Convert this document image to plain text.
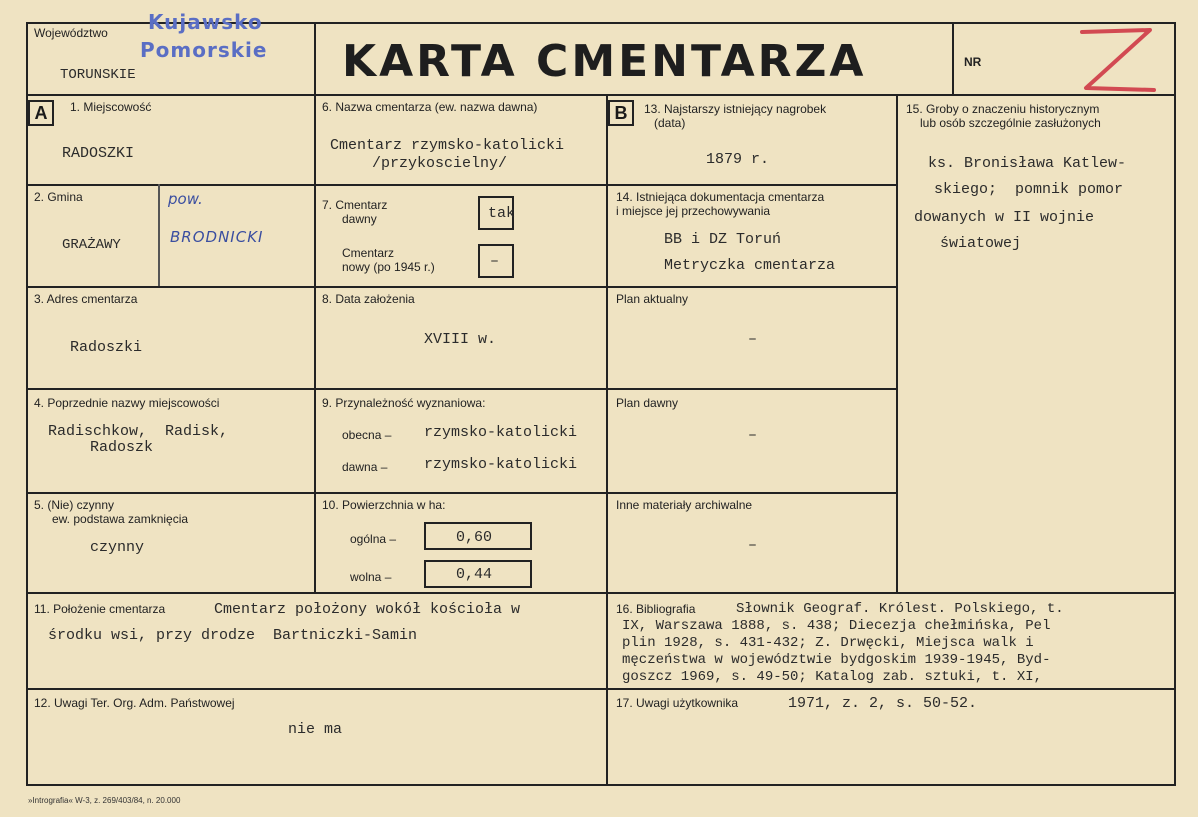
Województwo Kujawsko
Pomorskie
TORUNSKIE	KARTA CMENTARZA	NR
A	1. Miejscowość
RADOSZKI
2. Gmina
GRAŻAWY
pow.
BRODNICKI
3. Adres cmentarza
Radoszki
4. Poprzednie nazwy miejscowości
Radischkow,  Radisk,
Radoszk
5. (Nie) czynny
ew. podstawa zamknięcia
czynny
6. Nazwa cmentarza (ew. nazwa dawna)
Cmentarz rzymsko-katolicki
/przykoscielny/
7. Cmentarz
dawny	tak
Cmentarz
nowy (po 1945 r.)	–
8. Data założenia
XVIII w.
9. Przynależność wyznaniowa:
obecna – rzymsko-katolicki
dawna – rzymsko-katolicki
10. Powierzchnia w ha:
ogólna –	0,60
wolna –	0,44
B	13. Najstarszy istniejący nagrobek
(data)
1879 r.
14. Istniejąca dokumentacja cmentarza
i miejsce jej przechowywania
BB i DZ Toruń
Metryczka cmentarza
Plan aktualny
–
Plan dawny
–
Inne materiały archiwalne
–
15. Groby o znaczeniu historycznym
lub osób szczególnie zasłużonych
ks. Bronisława Katlew-
skiego;  pomnik pomor
dowanych w II wojnie
światowej
11. Położenie cmentarza	Cmentarz położony wokół kościoła w
środku wsi, przy drodze  Bartniczki-Samin
16. Bibliografia	Słownik Geograf. Królest. Polskiego, t.
IX, Warszawa 1888, s. 438; Diecezja chełmińska, Pel
plin 1928, s. 431-432; Z. Drwęcki, Miejsca walk i
męczeństwa w województwie bydgoskim 1939-1945, Byd-
goszcz 1969, s. 49-50; Katalog zab. sztuki, t. XI,
12. Uwagi Ter. Org. Adm. Państwowej
nie ma
17. Uwagi użytkownika	1971, z. 2, s. 50-52.
»Intrografia« W-3, z. 269/403/84, n. 20.000
